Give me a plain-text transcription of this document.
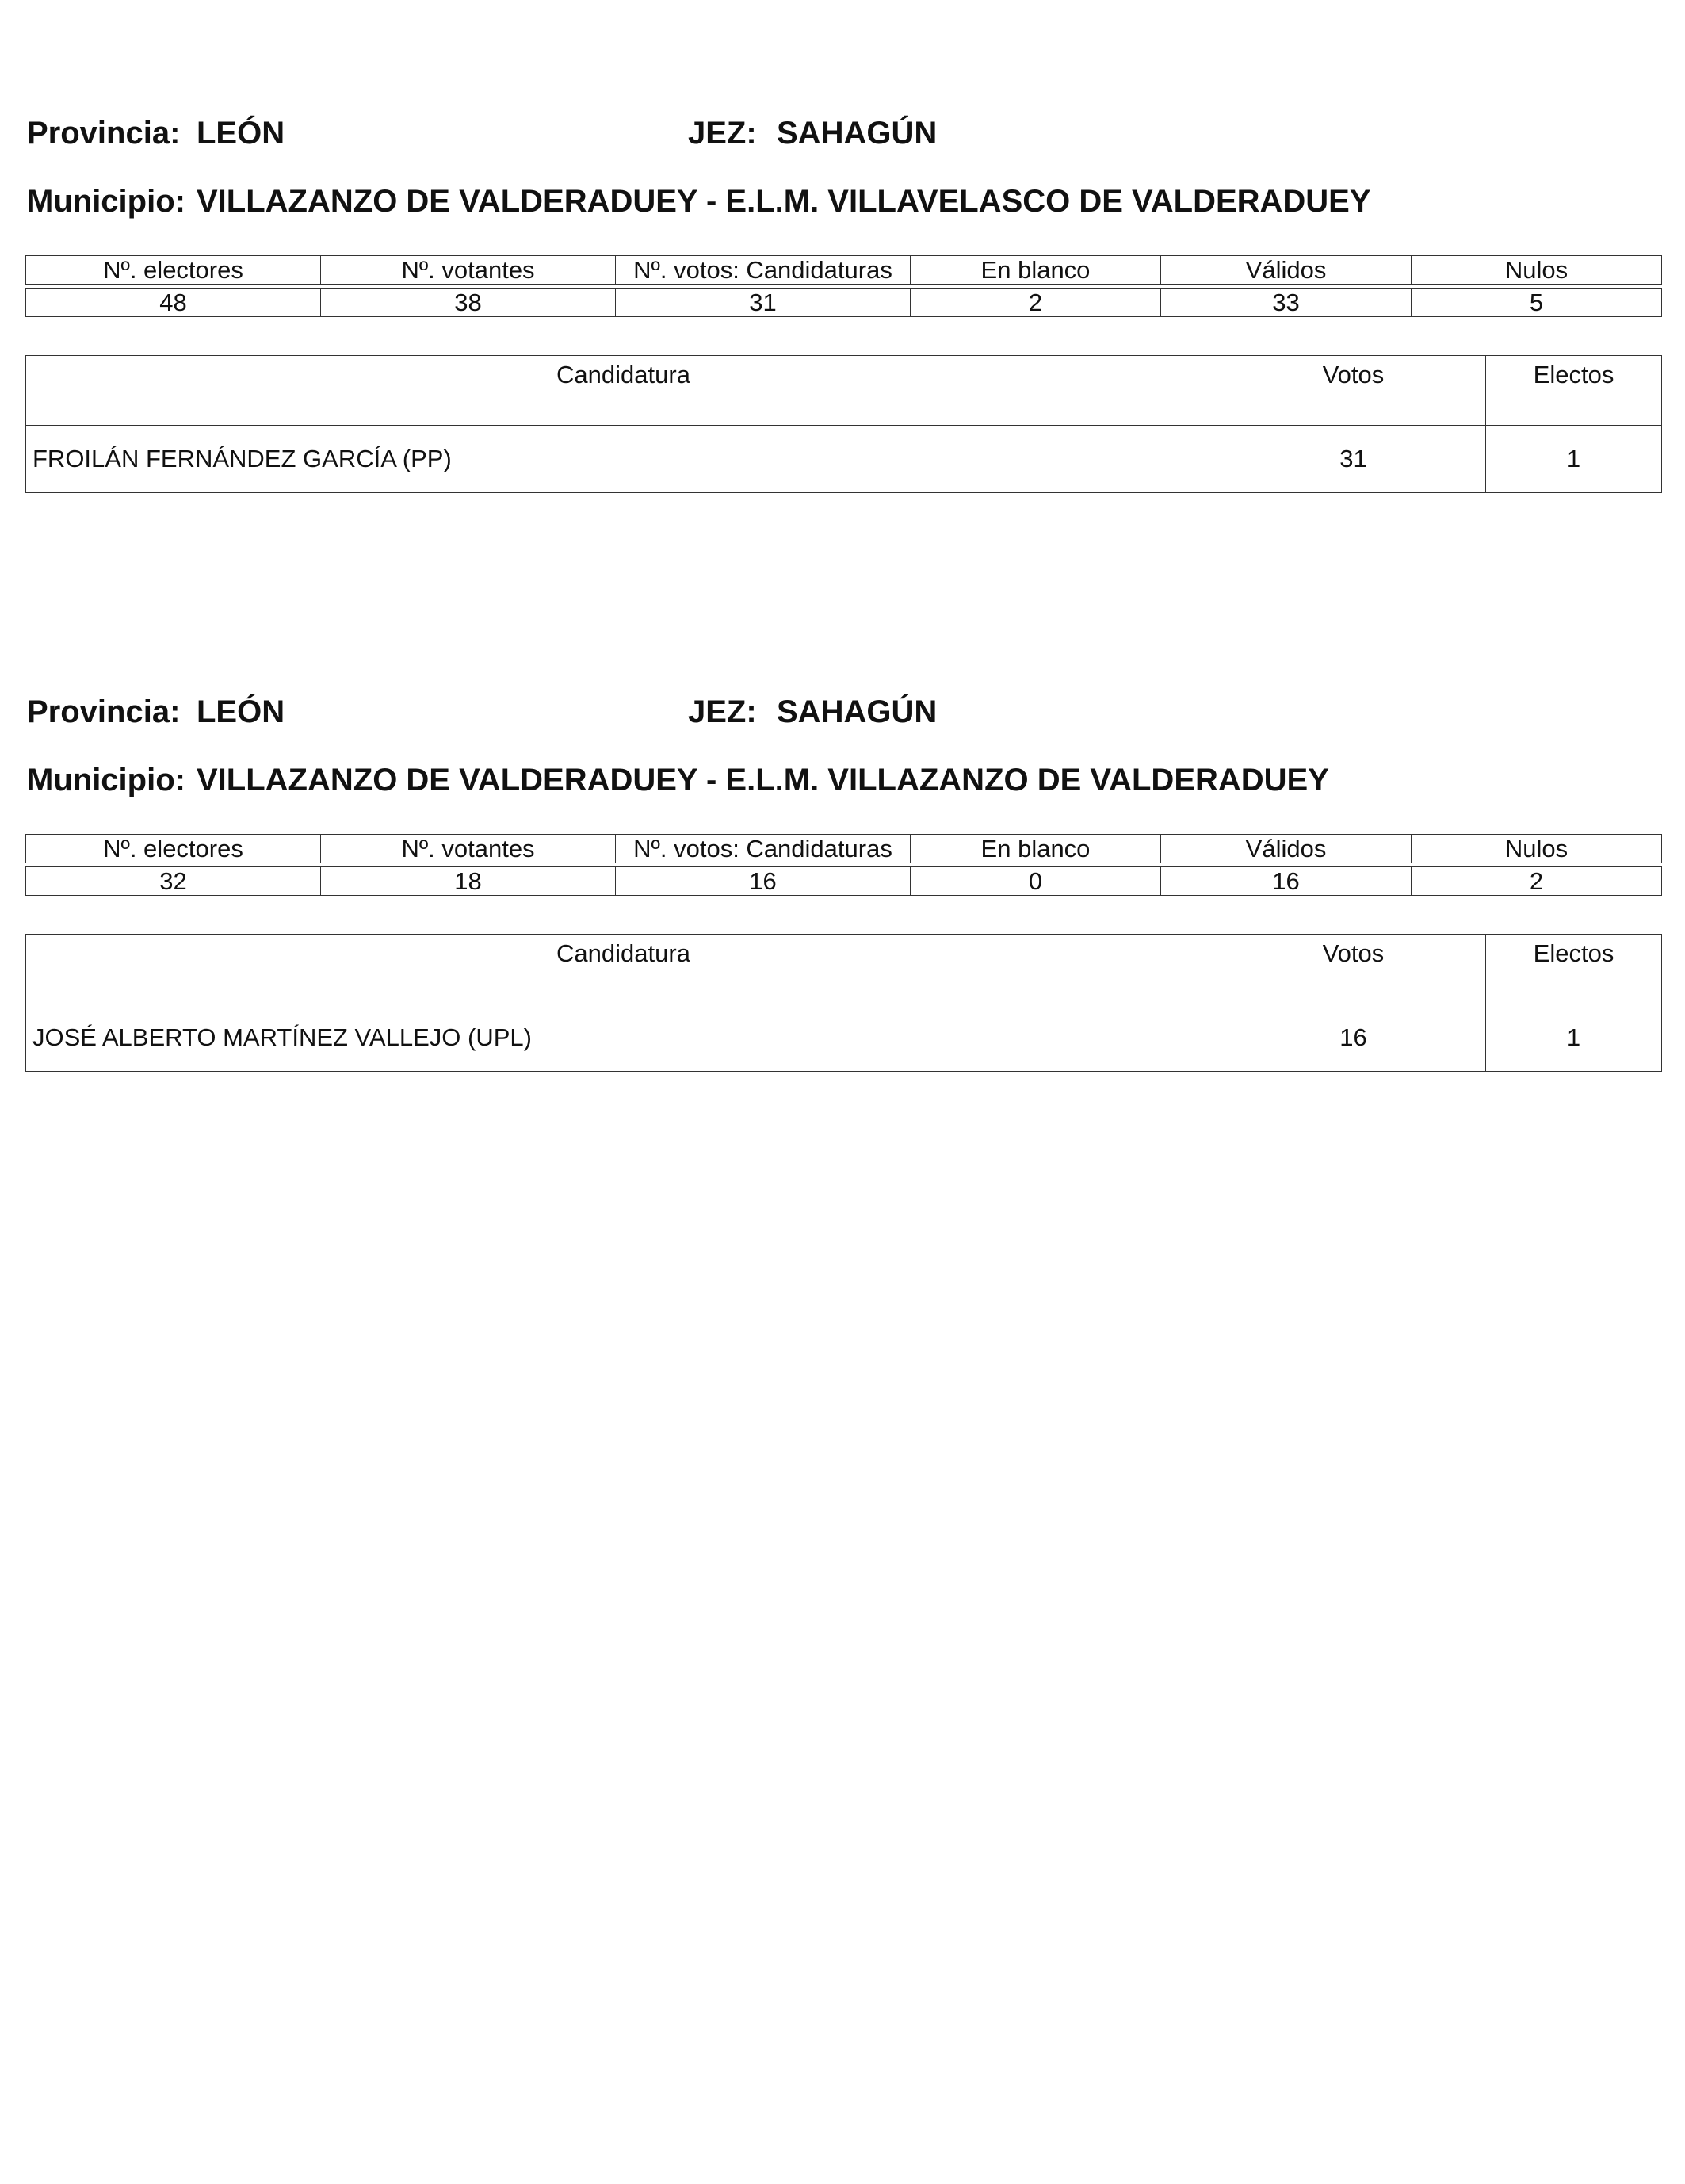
Provincia: LEÓN	JEZ: SAHAGÚN
Municipio: VILLAZANZO DE VALDERADUEY - E.L.M. VILLAVELASCO DE VALDERADUEY
Nº. electores	Nº. votantes	Nº. votos: Candidaturas	En blanco	Válidos	Nulos

48	38	31	2	33	5
Candidatura	Votos	Electos
FROILÁN FERNÁNDEZ GARCÍA (PP)	31	1
Provincia: LEÓN	JEZ: SAHAGÚN
Municipio: VILLAZANZO DE VALDERADUEY - E.L.M. VILLAZANZO DE VALDERADUEY
Nº. electores	Nº. votantes	Nº. votos: Candidaturas	En blanco	Válidos	Nulos

32	18	16	0	16	2
Candidatura	Votos	Electos
JOSÉ ALBERTO MARTÍNEZ VALLEJO (UPL)	16	1
